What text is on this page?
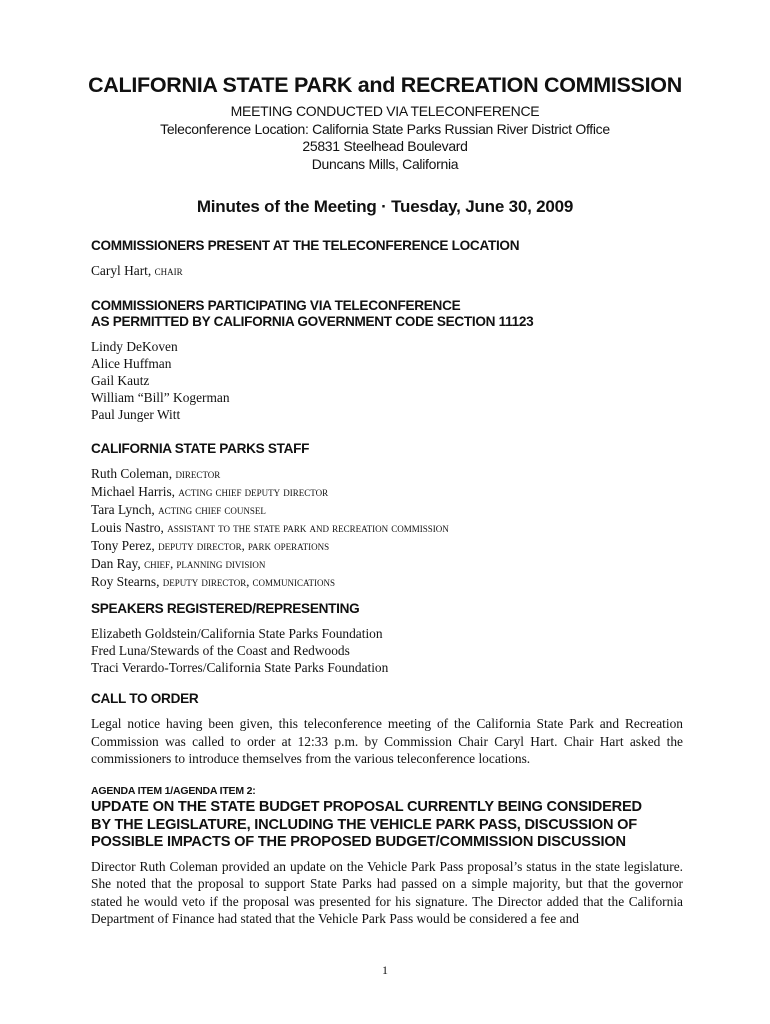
CALIFORNIA STATE PARK and RECREATION COMMISSION
MEETING CONDUCTED VIA TELECONFERENCE
Teleconference Location: California State Parks Russian River District Office
25831 Steelhead Boulevard
Duncans Mills, California
Minutes of the Meeting · Tuesday, June 30, 2009

COMMISSIONERS PRESENT AT THE TELECONFERENCE LOCATION

Caryl Hart, chair

COMMISSIONERS PARTICIPATING VIA TELECONFERENCE

AS PERMITTED BY CALIFORNIA GOVERNMENT CODE SECTION 11123

Lindy DeKoven

Alice Huffman

Gail Kautz

William “Bill” Kogerman

Paul Junger Witt

CALIFORNIA STATE PARKS STAFF

Ruth Coleman, director

Michael Harris, acting chief deputy director

Tara Lynch, acting chief counsel

Louis Nastro, assistant to the state park and recreation commission

Tony Perez, deputy director, park operations

Dan Ray, chief, planning division

Roy Stearns, deputy director, communications

SPEAKERS REGISTERED/REPRESENTING

Elizabeth Goldstein/California State Parks Foundation

Fred Luna/Stewards of the Coast and Redwoods

Traci Verardo-Torres/California State Parks Foundation

CALL TO ORDER

Legal notice having been given, this teleconference meeting of the California State Park and Recreation Commission was called to order at 12:33 p.m. by Commission Chair Caryl Hart. Chair Hart asked the commissioners to introduce themselves from the various teleconference locations.

AGENDA ITEM 1/AGENDA ITEM 2:

UPDATE ON THE STATE BUDGET PROPOSAL CURRENTLY BEING CONSIDERED

BY THE LEGISLATURE, INCLUDING THE VEHICLE PARK PASS, DISCUSSION OF

POSSIBLE IMPACTS OF THE PROPOSED BUDGET/COMMISSION DISCUSSION

Director Ruth Coleman provided an update on the Vehicle Park Pass proposal’s status in the state legislature. She noted that the proposal to support State Parks had passed on a simple majority, but that the governor stated he would veto if the proposal was presented for his signature. The Director added that the California Department of Finance had stated that the Vehicle Park Pass would be considered a fee and

1
